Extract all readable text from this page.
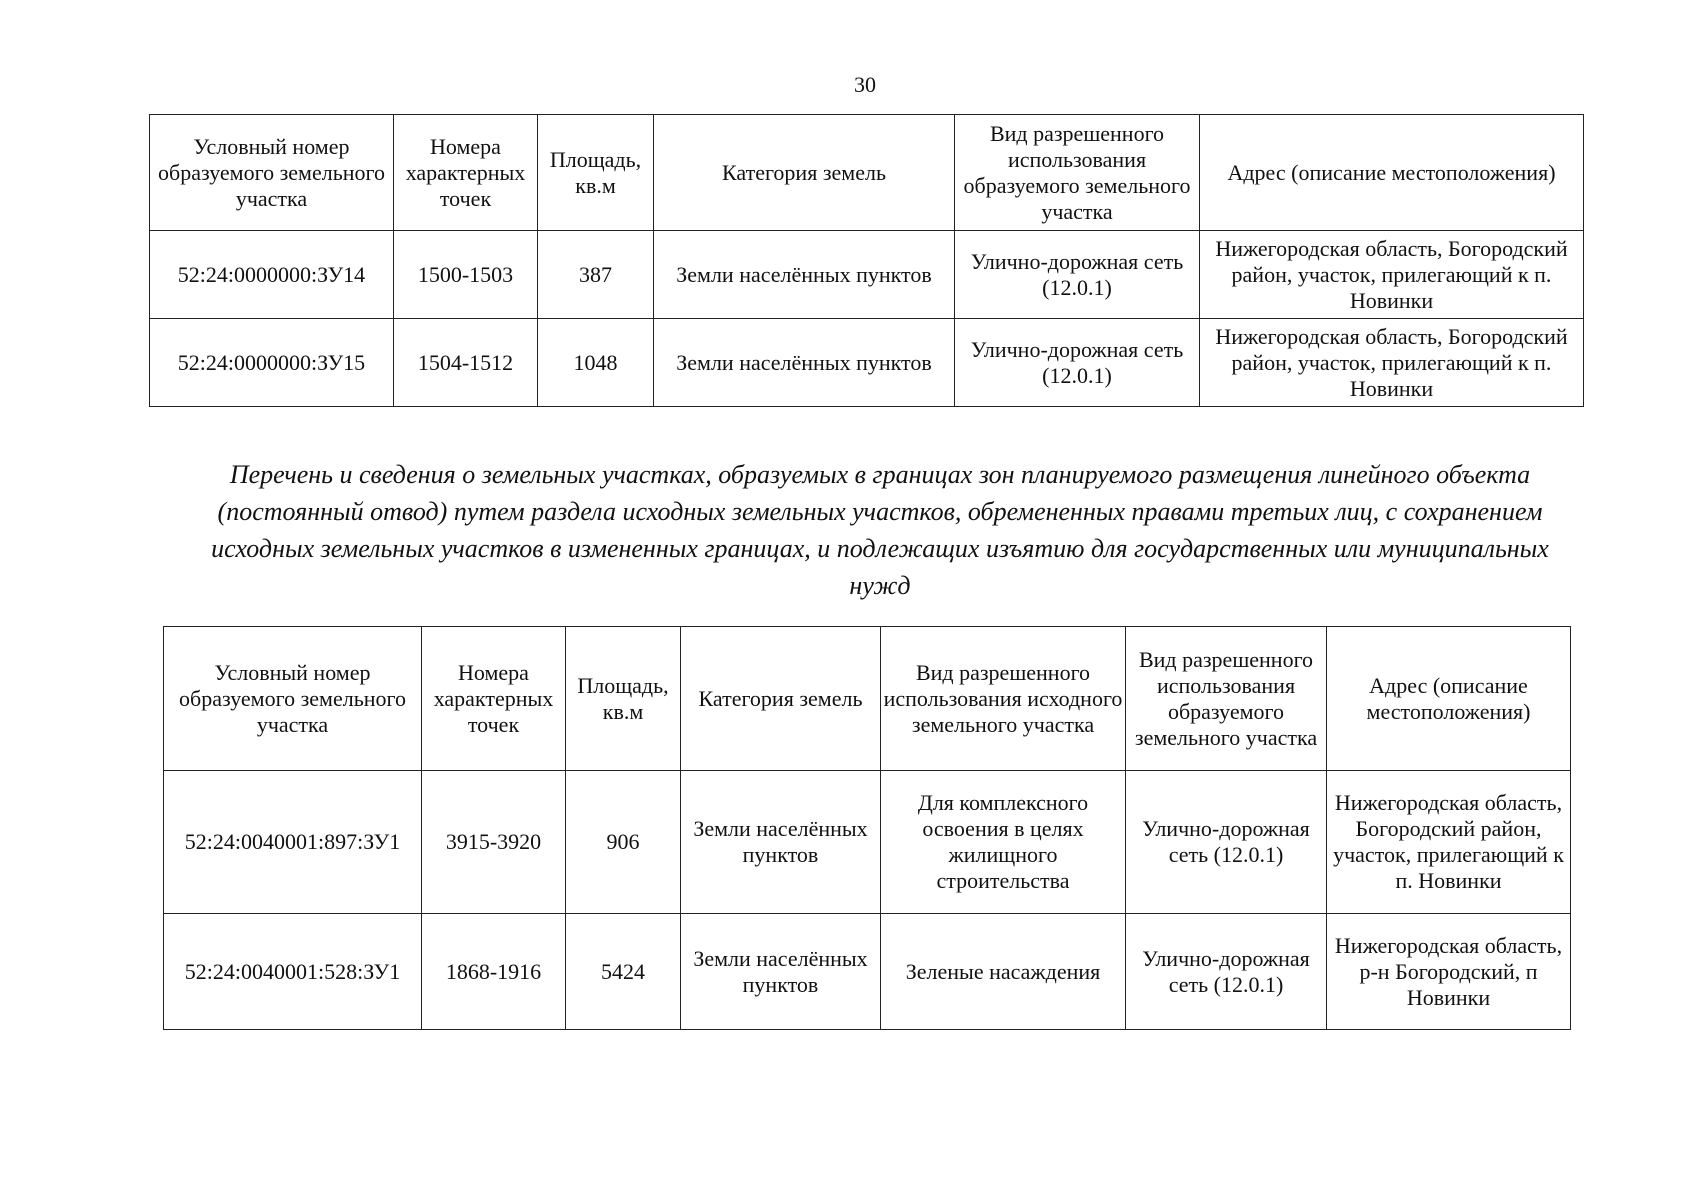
30
Условный номер образуемого земельного участка	Номера характерных точек	Площадь, кв.м	Категория земель	Вид разрешенного использования образуемого земельного участка	Адрес (описание местоположения)
52:24:0000000:ЗУ14	1500-1503	387	Земли населённых пунктов	Улично-дорожная сеть (12.0.1)	Нижегородская область, Богородский район, участок, прилегающий к п. Новинки
52:24:0000000:ЗУ15	1504-1512	1048	Земли населённых пунктов	Улично-дорожная сеть (12.0.1)	Нижегородская область, Богородский район, участок, прилегающий к п. Новинки

Перечень и сведения о земельных участках, образуемых в границах зон планируемого размещения линейного объекта (постоянный отвод) путем раздела исходных земельных участков, обремененных правами третьих лиц, с сохранением исходных земельных участков в измененных границах, и подлежащих изъятию для государственных или муниципальных нужд

Условный номер образуемого земельного участка	Номера характерных точек	Площадь, кв.м	Категория земель	Вид разрешенного использования исходного земельного участка	Вид разрешенного использования образуемого земельного участка	Адрес (описание местоположения)
52:24:0040001:897:ЗУ1	3915-3920	906	Земли населённых пунктов	Для комплексного освоения в целях жилищного строительства	Улично-дорожная сеть (12.0.1)	Нижегородская область, Богородский район, участок, прилегающий к п. Новинки
52:24:0040001:528:ЗУ1	1868-1916	5424	Земли населённых пунктов	Зеленые насаждения	Улично-дорожная сеть (12.0.1)	Нижегородская область, р-н Богородский, п Новинки
